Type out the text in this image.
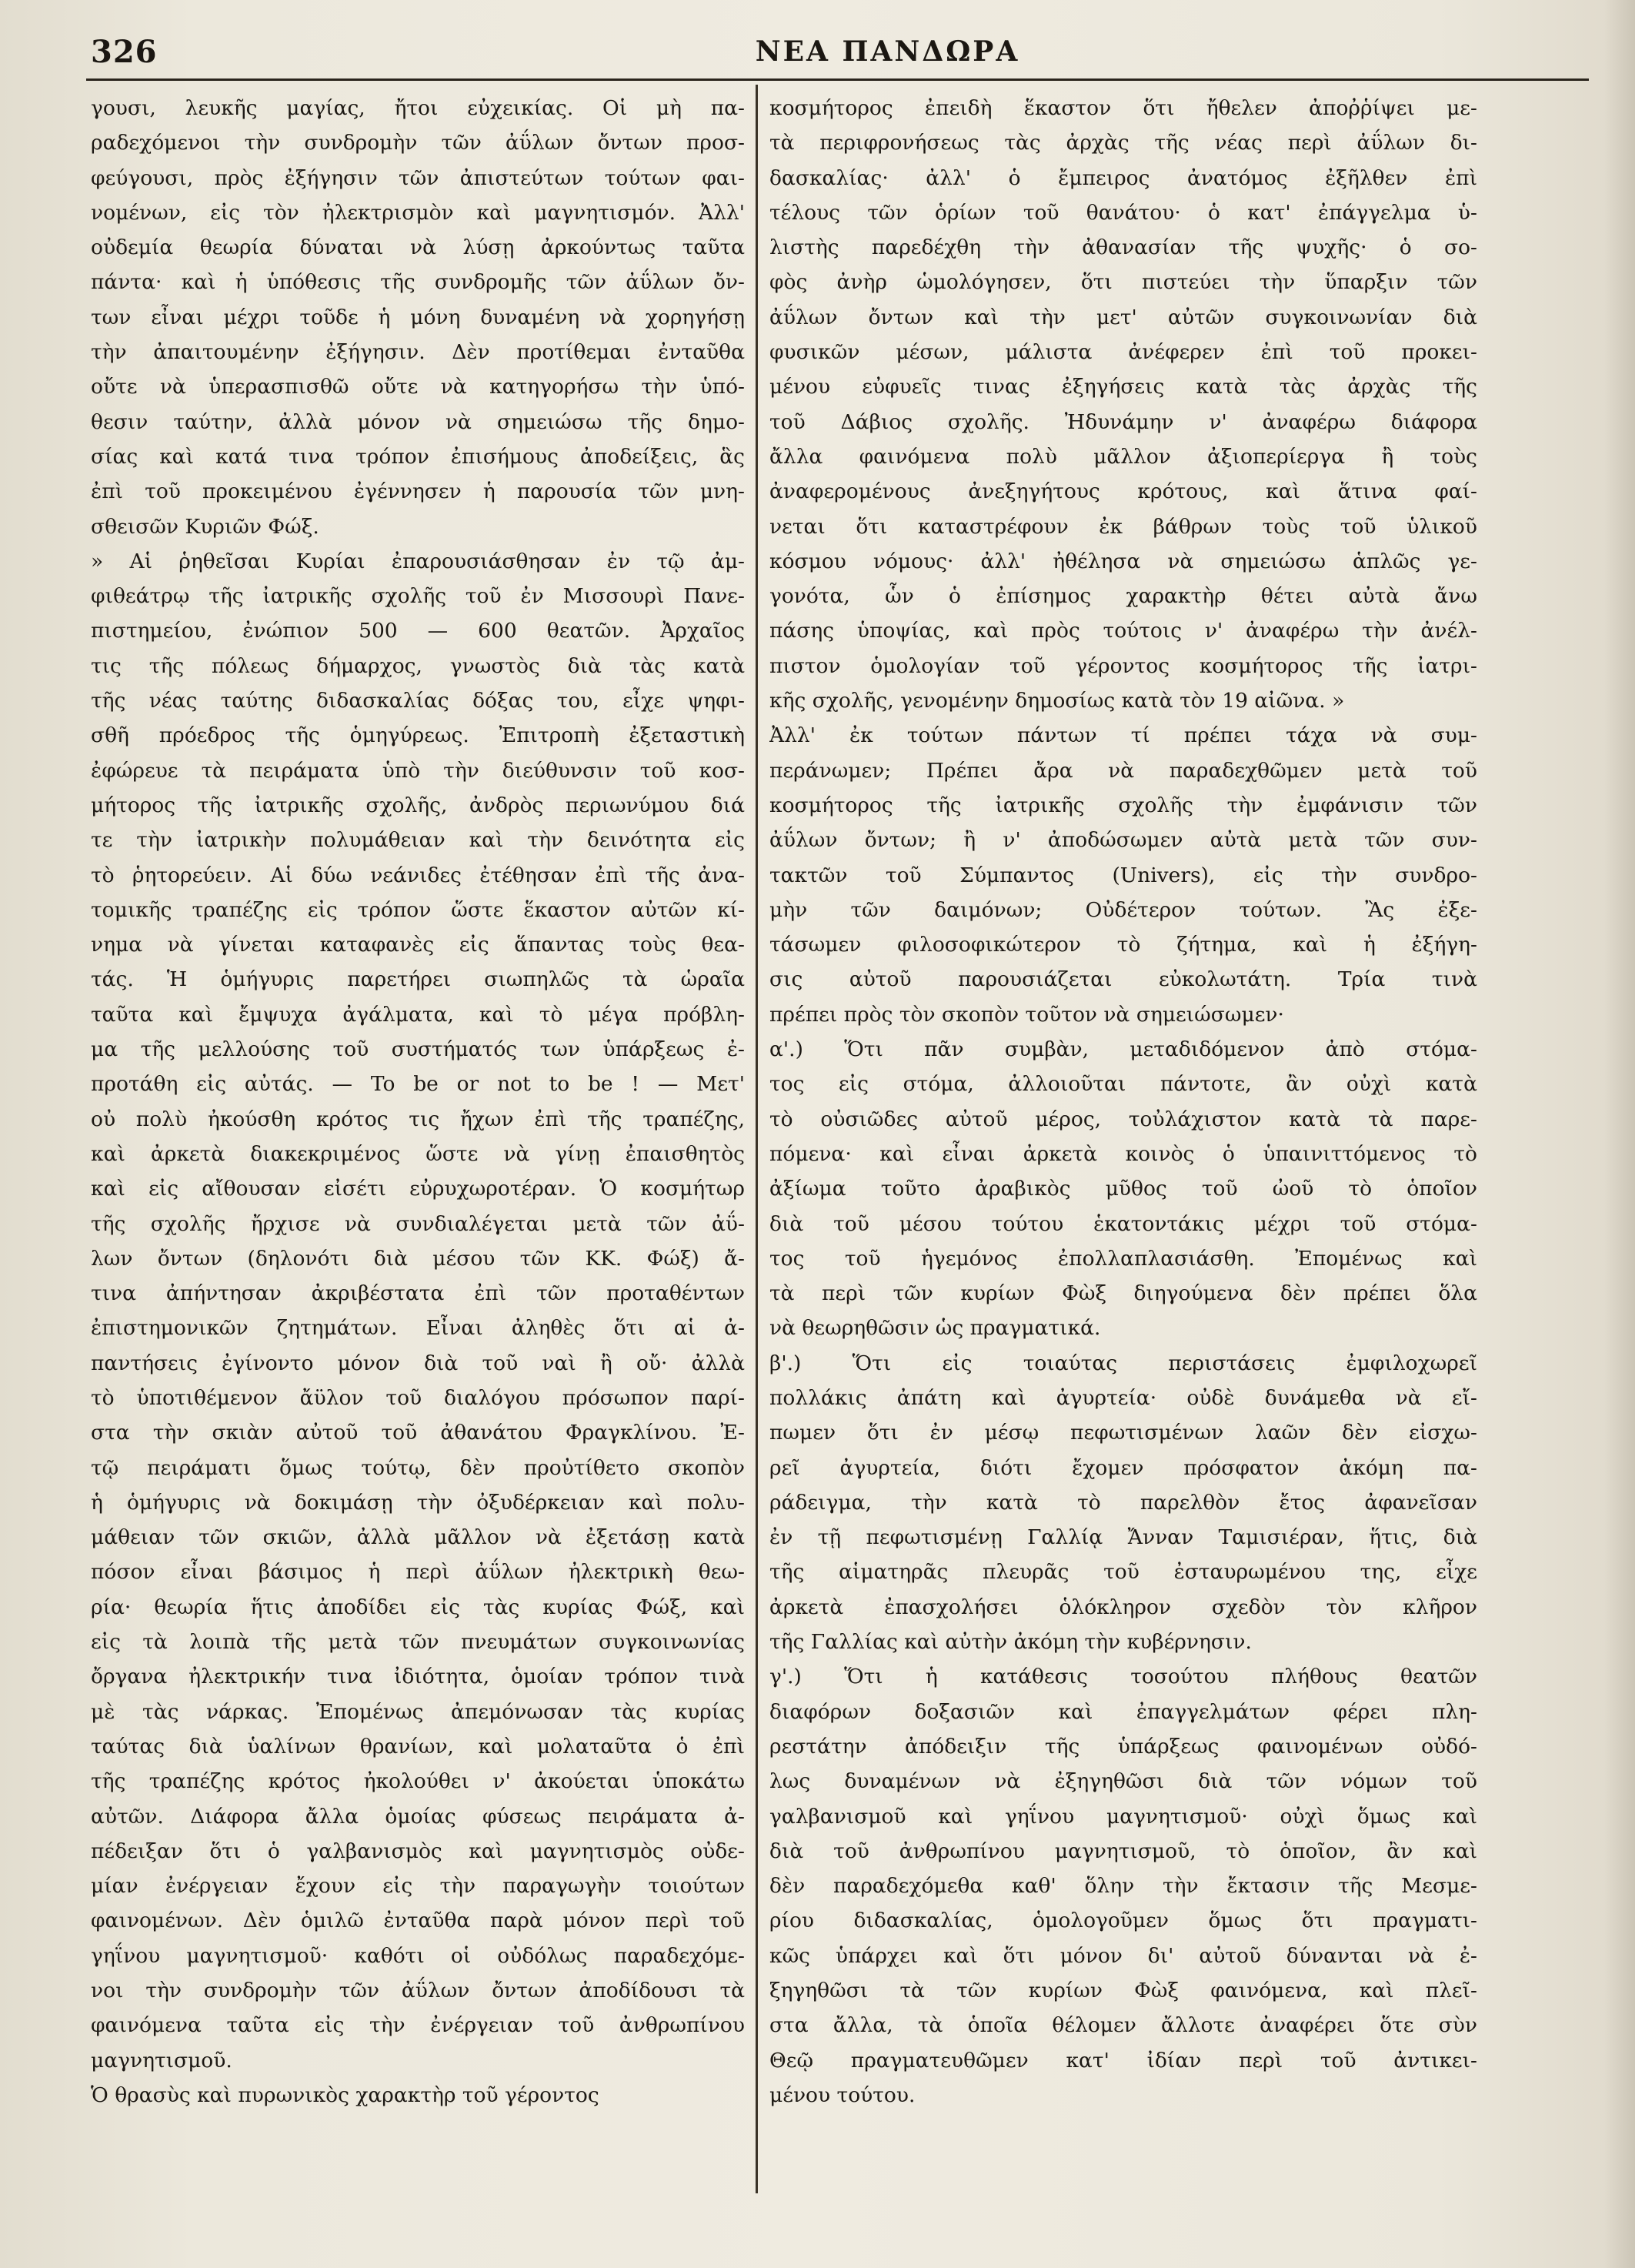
326	ΝΕΑ ΠΑΝΔΩΡΑ
γουσι, λευκῆς μαγίας, ἤτοι εὐχεικίας. Οἱ μὴ πα-
ραδεχόμενοι τὴν συνδρομὴν τῶν ἀΰλων ὄντων προσ-
φεύγουσι, πρὸς ἐξήγησιν τῶν ἀπιστεύτων τούτων φαι-
νομένων, εἰς τὸν ἠλεκτρισμὸν καὶ μαγνητισμόν. Ἀλλ'
οὐδεμία θεωρία δύναται νὰ λύσῃ ἀρκούντως ταῦτα
πάντα· καὶ ἡ ὑπόθεσις τῆς συνδρομῆς τῶν ἀΰλων ὄν-
των εἶναι μέχρι τοῦδε ἡ μόνη δυναμένη νὰ χορηγήσῃ
τὴν ἀπαιτουμένην ἐξήγησιν. Δὲν προτίθεμαι ἐνταῦθα
οὔτε νὰ ὑπερασπισθῶ οὔτε νὰ κατηγορήσω τὴν ὑπό-
θεσιν ταύτην, ἀλλὰ μόνον νὰ σημειώσω τῆς δημο-
σίας καὶ κατά τινα τρόπον ἐπισήμους ἀποδείξεις, ἃς
ἐπὶ τοῦ προκειμένου ἐγέννησεν ἡ παρουσία τῶν μνη-
σθεισῶν Κυριῶν Φώξ.
» Αἱ ῥηθεῖσαι Κυρίαι ἐπαρουσιάσθησαν ἐν τῷ ἀμ-
φιθεάτρῳ τῆς ἰατρικῆς σχολῆς τοῦ ἐν Μισσουρὶ Πανε-
πιστημείου, ἐνώπιον 500 — 600 θεατῶν. Ἀρχαῖος
τις τῆς πόλεως δήμαρχος, γνωστὸς διὰ τὰς κατὰ
τῆς νέας ταύτης διδασκαλίας δόξας του, εἶχε ψηφι-
σθῆ πρόεδρος τῆς ὁμηγύρεως. Ἐπιτροπὴ ἐξεταστικὴ
ἐφώρευε τὰ πειράματα ὑπὸ τὴν διεύθυνσιν τοῦ κοσ-
μήτορος τῆς ἰατρικῆς σχολῆς, ἀνδρὸς περιωνύμου διά
τε τὴν ἰατρικὴν πολυμάθειαν καὶ τὴν δεινότητα εἰς
τὸ ῥητορεύειν. Αἱ δύω νεάνιδες ἐτέθησαν ἐπὶ τῆς ἀνα-
τομικῆς τραπέζης εἰς τρόπον ὥστε ἕκαστον αὐτῶν κί-
νημα νὰ γίνεται καταφανὲς εἰς ἅπαντας τοὺς θεα-
τάς. Ἡ ὁμήγυρις παρετήρει σιωπηλῶς τὰ ὡραῖα
ταῦτα καὶ ἔμψυχα ἀγάλματα, καὶ τὸ μέγα πρόβλη-
μα τῆς μελλούσης τοῦ συστήματός των ὑπάρξεως ἐ-
προτάθη εἰς αὐτάς. — To be or not to be ! — Μετ'
οὐ πολὺ ἠκούσθη κρότος τις ἤχων ἐπὶ τῆς τραπέζης,
καὶ ἀρκετὰ διακεκριμένος ὥστε νὰ γίνῃ ἐπαισθητὸς
καὶ εἰς αἴθουσαν εἰσέτι εὐρυχωροτέραν. Ὁ κοσμήτωρ
τῆς σχολῆς ἤρχισε νὰ συνδιαλέγεται μετὰ τῶν ἀΰ-
λων ὄντων (δηλονότι διὰ μέσου τῶν ΚΚ. Φώξ) ἄ-
τινα ἀπήντησαν ἀκριβέστατα ἐπὶ τῶν προταθέντων
ἐπιστημονικῶν ζητημάτων. Εἶναι ἀληθὲς ὅτι αἱ ἀ-
παντήσεις ἐγίνοντο μόνον διὰ τοῦ ναὶ ἢ οὔ· ἀλλὰ
τὸ ὑποτιθέμενον ἄϋλον τοῦ διαλόγου πρόσωπον παρί-
στα τὴν σκιὰν αὐτοῦ τοῦ ἀθανάτου Φραγκλίνου. Ἐ-
τῷ πειράματι ὅμως τούτῳ, δὲν προὐτίθετο σκοπὸν
ἡ ὁμήγυρις νὰ δοκιμάσῃ τὴν ὀξυδέρκειαν καὶ πολυ-
μάθειαν τῶν σκιῶν, ἀλλὰ μᾶλλον νὰ ἐξετάσῃ κατὰ
πόσον εἶναι βάσιμος ἡ περὶ ἀΰλων ἠλεκτρικὴ θεω-
ρία· θεωρία ἥτις ἀποδίδει εἰς τὰς κυρίας Φώξ, καὶ
εἰς τὰ λοιπὰ τῆς μετὰ τῶν πνευμάτων συγκοινωνίας
ὄργανα ἠλεκτρικήν τινα ἰδιότητα, ὁμοίαν τρόπον τινὰ
μὲ τὰς νάρκας. Ἐπομένως ἀπεμόνωσαν τὰς κυρίας
ταύτας διὰ ὑαλίνων θρανίων, καὶ μολαταῦτα ὁ ἐπὶ
τῆς τραπέζης κρότος ἠκολούθει ν' ἀκούεται ὑποκάτω
αὐτῶν. Διάφορα ἄλλα ὁμοίας φύσεως πειράματα ἀ-
πέδειξαν ὅτι ὁ γαλβανισμὸς καὶ μαγνητισμὸς οὐδε-
μίαν ἐνέργειαν ἔχουν εἰς τὴν παραγωγὴν τοιούτων
φαινομένων. Δὲν ὁμιλῶ ἐνταῦθα παρὰ μόνον περὶ τοῦ
γηΐνου μαγνητισμοῦ· καθότι οἱ οὐδόλως παραδεχόμε-
νοι τὴν συνδρομὴν τῶν ἀΰλων ὄντων ἀποδίδουσι τὰ
φαινόμενα ταῦτα εἰς τὴν ἐνέργειαν τοῦ ἀνθρωπίνου
μαγνητισμοῦ.
Ὁ θρασὺς καὶ πυρωνικὸς χαρακτὴρ τοῦ γέροντος
κοσμήτορος ἐπειδὴ ἕκαστον ὅτι ἤθελεν ἀποῤῥίψει με-
τὰ περιφρονήσεως τὰς ἀρχὰς τῆς νέας περὶ ἀΰλων δι-
δασκαλίας· ἀλλ' ὁ ἔμπειρος ἀνατόμος ἐξῆλθεν ἐπὶ
τέλους τῶν ὁρίων τοῦ θανάτου· ὁ κατ' ἐπάγγελμα ὑ-
λιστὴς παρεδέχθη τὴν ἀθανασίαν τῆς ψυχῆς· ὁ σο-
φὸς ἀνὴρ ὡμολόγησεν, ὅτι πιστεύει τὴν ὕπαρξιν τῶν
ἀΰλων ὄντων καὶ τὴν μετ' αὐτῶν συγκοινωνίαν διὰ
φυσικῶν μέσων, μάλιστα ἀνέφερεν ἐπὶ τοῦ προκει-
μένου εὐφυεῖς τινας ἐξηγήσεις κατὰ τὰς ἀρχὰς τῆς
τοῦ Δάβιος σχολῆς. Ἠδυνάμην ν' ἀναφέρω διάφορα
ἄλλα φαινόμενα πολὺ μᾶλλον ἀξιοπερίεργα ἢ τοὺς
ἀναφερομένους ἀνεξηγήτους κρότους, καὶ ἅτινα φαί-
νεται ὅτι καταστρέφουν ἐκ βάθρων τοὺς τοῦ ὑλικοῦ
κόσμου νόμους· ἀλλ' ἠθέλησα νὰ σημειώσω ἁπλῶς γε-
γονότα, ὧν ὁ ἐπίσημος χαρακτὴρ θέτει αὐτὰ ἄνω
πάσης ὑποψίας, καὶ πρὸς τούτοις ν' ἀναφέρω τὴν ἀνέλ-
πιστον ὁμολογίαν τοῦ γέροντος κοσμήτορος τῆς ἰατρι-
κῆς σχολῆς, γενομένην δημοσίως κατὰ τὸν 19 αἰῶνα. »
Ἀλλ' ἐκ τούτων πάντων τί πρέπει τάχα νὰ συμ-
περάνωμεν; Πρέπει ἄρα νὰ παραδεχθῶμεν μετὰ τοῦ
κοσμήτορος τῆς ἰατρικῆς σχολῆς τὴν ἐμφάνισιν τῶν
ἀΰλων ὄντων; ἢ ν' ἀποδώσωμεν αὐτὰ μετὰ τῶν συν-
τακτῶν τοῦ Σύμπαντος (Univers), εἰς τὴν συνδρο-
μὴν τῶν δαιμόνων; Οὐδέτερον τούτων. Ἂς ἐξε-
τάσωμεν φιλοσοφικώτερον τὸ ζήτημα, καὶ ἡ ἐξήγη-
σις αὐτοῦ παρουσιάζεται εὐκολωτάτη. Τρία τινὰ
πρέπει πρὸς τὸν σκοπὸν τοῦτον νὰ σημειώσωμεν·
α'.) Ὅτι πᾶν συμβὰν, μεταδιδόμενον ἀπὸ στόμα-
τος εἰς στόμα, ἀλλοιοῦται πάντοτε, ἂν οὐχὶ κατὰ
τὸ οὐσιῶδες αὐτοῦ μέρος, τοὐλάχιστον κατὰ τὰ παρε-
πόμενα· καὶ εἶναι ἀρκετὰ κοινὸς ὁ ὑπαινιττόμενος τὸ
ἀξίωμα τοῦτο ἀραβικὸς μῦθος τοῦ ὠοῦ τὸ ὁποῖον
διὰ τοῦ μέσου τούτου ἑκατοντάκις μέχρι τοῦ στόμα-
τος τοῦ ἡγεμόνος ἐπολλαπλασιάσθη. Ἐπομένως καὶ
τὰ περὶ τῶν κυρίων Φὼξ διηγούμενα δὲν πρέπει ὅλα
νὰ θεωρηθῶσιν ὡς πραγματικά.
β'.) Ὅτι εἰς τοιαύτας περιστάσεις ἐμφιλοχωρεῖ
πολλάκις ἀπάτη καὶ ἀγυρτεία· οὐδὲ δυνάμεθα νὰ εἴ-
πωμεν ὅτι ἐν μέσῳ πεφωτισμένων λαῶν δὲν εἰσχω-
ρεῖ ἀγυρτεία, διότι ἔχομεν πρόσφατον ἀκόμη πα-
ράδειγμα, τὴν κατὰ τὸ παρελθὸν ἔτος ἀφανεῖσαν
ἐν τῇ πεφωτισμένῃ Γαλλίᾳ Ἄνναν Ταμισιέραν, ἥτις, διὰ
τῆς αἱματηρᾶς πλευρᾶς τοῦ ἐσταυρωμένου της, εἶχε
ἀρκετὰ ἐπασχολήσει ὁλόκληρον σχεδὸν τὸν κλῆρον
τῆς Γαλλίας καὶ αὐτὴν ἀκόμη τὴν κυβέρνησιν.
γ'.) Ὅτι ἡ κατάθεσις τοσούτου πλήθους θεατῶν
διαφόρων δοξασιῶν καὶ ἐπαγγελμάτων φέρει πλη-
ρεστάτην ἀπόδειξιν τῆς ὑπάρξεως φαινομένων οὐδό-
λως δυναμένων νὰ ἐξηγηθῶσι διὰ τῶν νόμων τοῦ
γαλβανισμοῦ καὶ γηΐνου μαγνητισμοῦ· οὐχὶ ὅμως καὶ
διὰ τοῦ ἀνθρωπίνου μαγνητισμοῦ, τὸ ὁποῖον, ἂν καὶ
δὲν παραδεχόμεθα καθ' ὅλην τὴν ἔκτασιν τῆς Μεσμε-
ρίου διδασκαλίας, ὁμολογοῦμεν ὅμως ὅτι πραγματι-
κῶς ὑπάρχει καὶ ὅτι μόνον δι' αὐτοῦ δύνανται νὰ ἐ-
ξηγηθῶσι τὰ τῶν κυρίων Φὼξ φαινόμενα, καὶ πλεῖ-
στα ἄλλα, τὰ ὁποῖα θέλομεν ἄλλοτε ἀναφέρει ὅτε σὺν
Θεῷ πραγματευθῶμεν κατ' ἰδίαν περὶ τοῦ ἀντικει-
μένου τούτου.
